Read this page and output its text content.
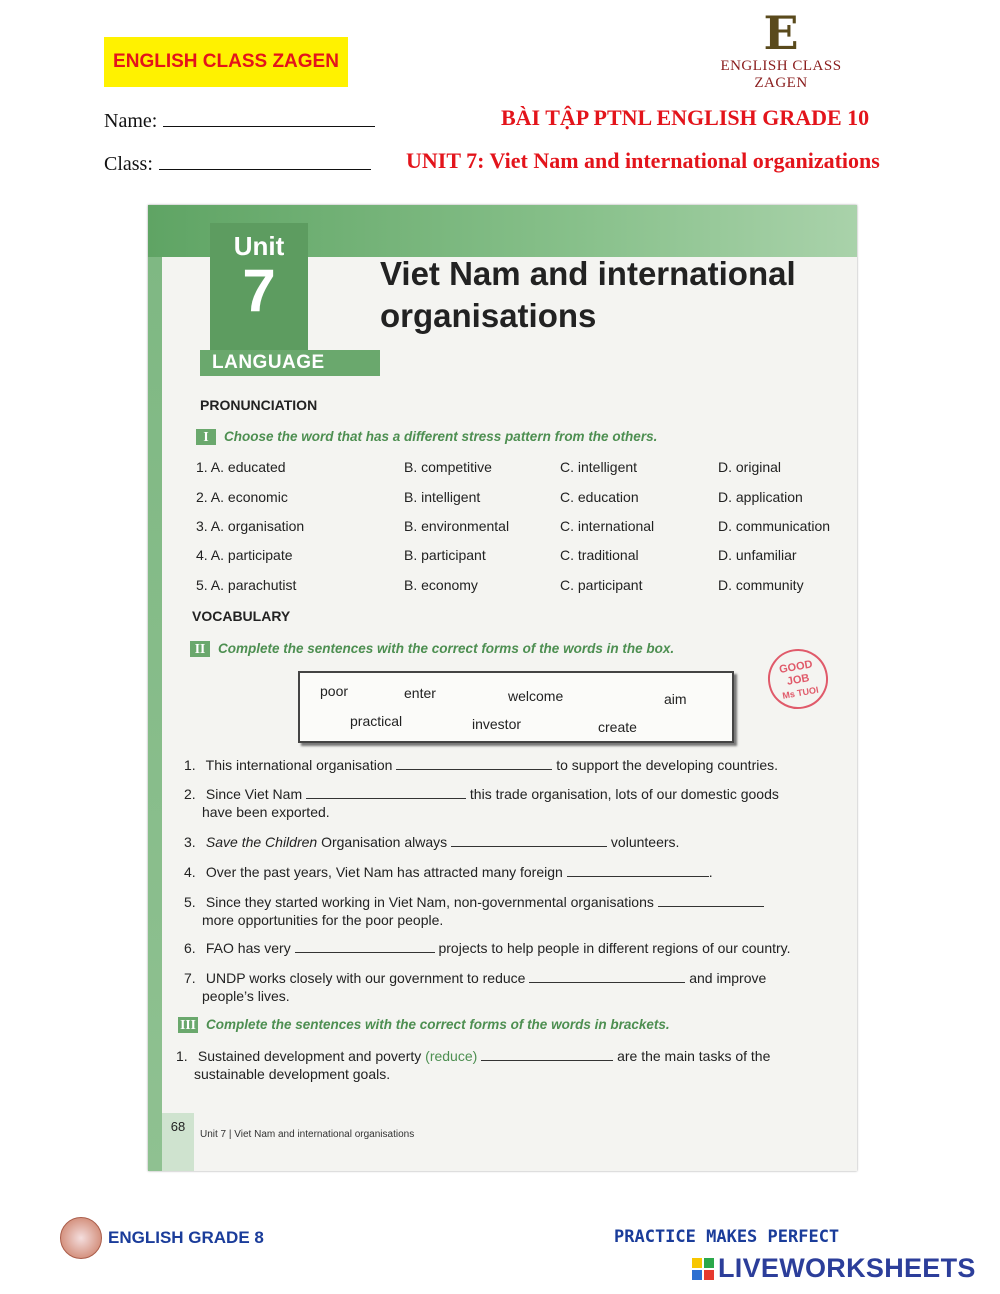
ENGLISH CLASS ZAGEN
E
ENGLISH CLASS ZAGEN
Name:
Class:
BÀI TẬP PTNL ENGLISH GRADE 10
UNIT 7: Viet Nam and international organizations
Unit
7	Viet Nam and international organisations
LANGUAGE
PRONUNCIATION
I Choose the word that has a different stress pattern from the others.
1. A. educated	B. competitive	C. intelligent	D. original
2. A. economic	B. intelligent	C. education	D. application
3. A. organisation	B. environmental	C. international	D. communication
4. A. participate	B. participant	C. traditional	D. unfamiliar
5. A. parachutist	B. economy	C. participant	D. community
VOCABULARY
II Complete the sentences with the correct forms of the words in the box.
poor	enter	welcome	aim
practical	investor	create
GOOD
JOB
Ms TUOI
1. This international organisation	to support the developing countries.
2. Since Viet Nam	this trade organisation, lots of our domestic goods
have been exported.
3. Save the Children Organisation always	volunteers.
4. Over the past years, Viet Nam has attracted many foreign	.
5. Since they started working in Viet Nam, non-governmental organisations
more opportunities for the poor people.
6. FAO has very	projects to help people in different regions of our country.
7. UNDP works closely with our government to reduce	and improve
people’s lives.
III Complete the sentences with the correct forms of the words in brackets.
1. Sustained development and poverty (reduce)	are the main tasks of the
sustainable development goals.
68
Unit 7 | Viet Nam and international organisations
ENGLISH GRADE 8	PRACTICE MAKES PERFECT
LIVEWORKSHEETS
